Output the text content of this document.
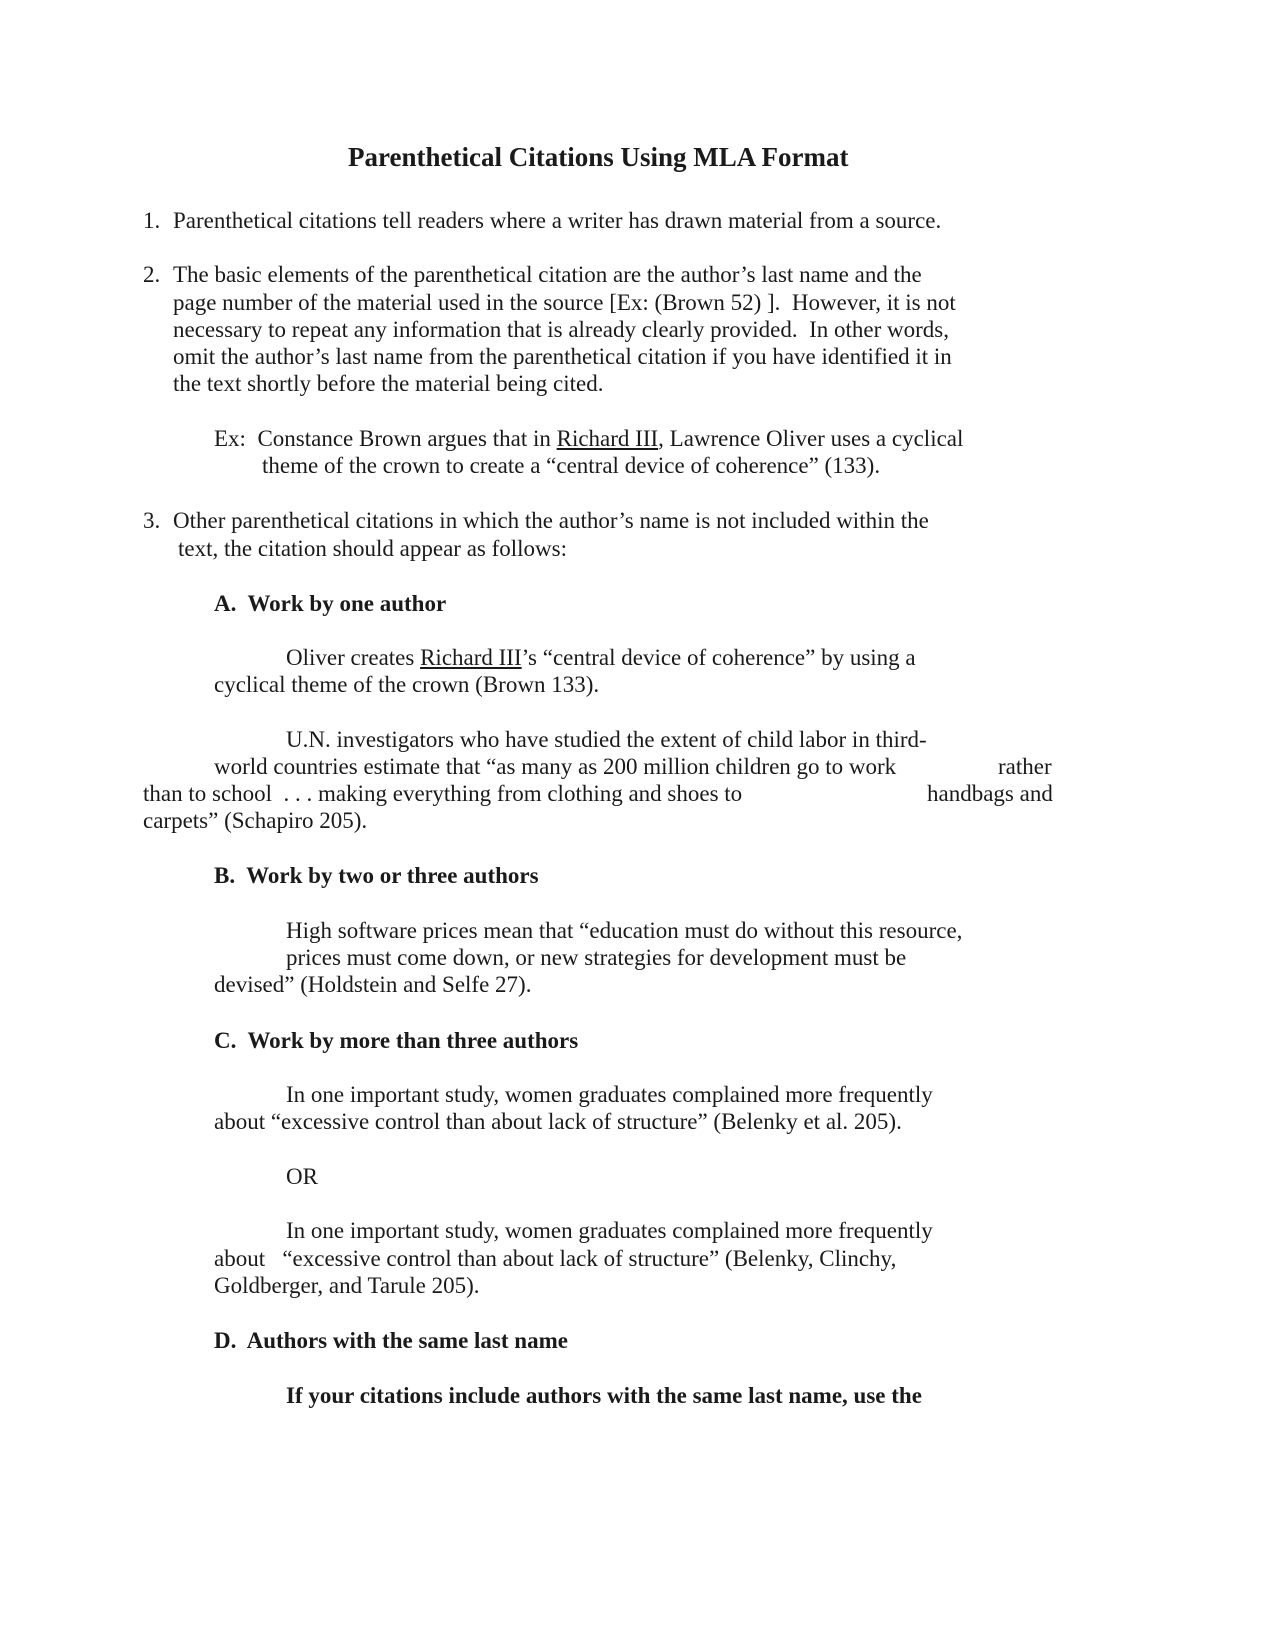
Parenthetical Citations Using MLA Format
1. Parenthetical citations tell readers where a writer has drawn material from a source.
2. The basic elements of the parenthetical citation are the author’s last name and the
page number of the material used in the source [Ex: (Brown 52) ].  However, it is not
necessary to repeat any information that is already clearly provided.  In other words,
omit the author’s last name from the parenthetical citation if you have identified it in
the text shortly before the material being cited.
Ex:  Constance Brown argues that in Richard III, Lawrence Oliver uses a cyclical
theme of the crown to create a “central device of coherence” (133).
3. Other parenthetical citations in which the author’s name is not included within the
text, the citation should appear as follows:
A.  Work by one author
Oliver creates Richard III’s “central device of coherence” by using a
cyclical theme of the crown (Brown 133).
U.N. investigators who have studied the extent of child labor in third-
world countries estimate that “as many as 200 million children go to work	rather
than to school  . . . making everything from clothing and shoes to	handbags and
carpets” (Schapiro 205).
B.  Work by two or three authors
High software prices mean that “education must do without this resource,
prices must come down, or new strategies for development must be
devised” (Holdstein and Selfe 27).
C.  Work by more than three authors
In one important study, women graduates complained more frequently
about “excessive control than about lack of structure” (Belenky et al. 205).
OR
In one important study, women graduates complained more frequently
about   “excessive control than about lack of structure” (Belenky, Clinchy,
Goldberger, and Tarule 205).
D.  Authors with the same last name
If your citations include authors with the same last name, use the
